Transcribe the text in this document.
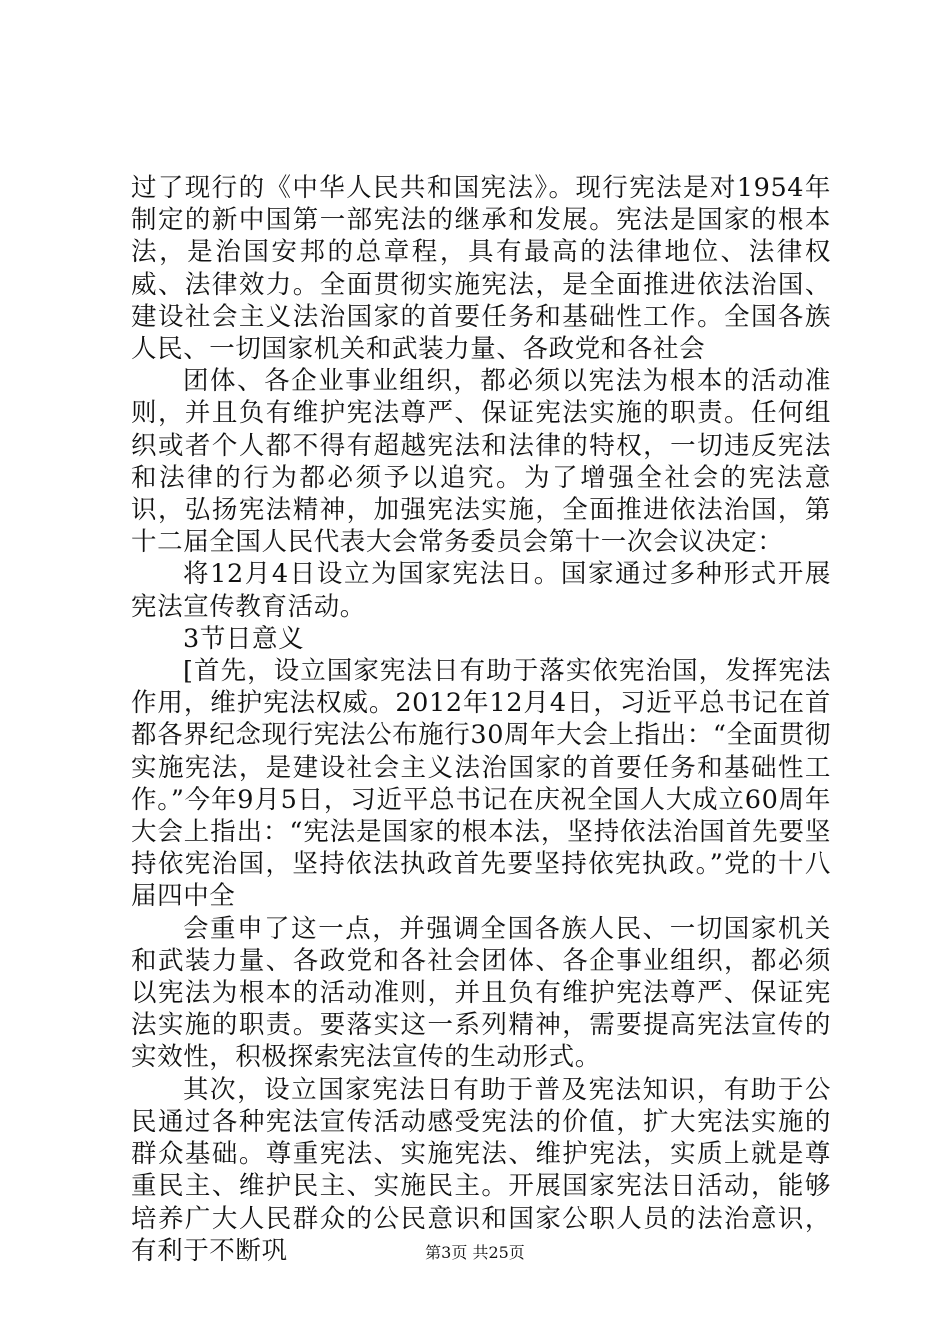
过了现行的《中华人民共和国宪法》。现行宪法是对1954年制定的新中国第一部宪法的继承和发展。宪法是国家的根本法，是治国安邦的总章程，具有最高的法律地位、法律权威、法律效力。全面贯彻实施宪法，是全面推进依法治国、建设社会主义法治国家的首要任务和基础性工作。全国各族人民、一切国家机关和武装力量、各政党和各社会

团体、各企业事业组织，都必须以宪法为根本的活动准则，并且负有维护宪法尊严、保证宪法实施的职责。任何组织或者个人都不得有超越宪法和法律的特权，一切违反宪法和法律的行为都必须予以追究。为了增强全社会的宪法意识，弘扬宪法精神，加强宪法实施，全面推进依法治国，第十二届全国人民代表大会常务委员会第十一次会议决定：

将12月4日设立为国家宪法日。国家通过多种形式开展宪法宣传教育活动。

3节日意义

[首先，设立国家宪法日有助于落实依宪治国，发挥宪法作用，维护宪法权威。2012年12月4日，习近平总书记在首都各界纪念现行宪法公布施行30周年大会上指出：“全面贯彻实施宪法，是建设社会主义法治国家的首要任务和基础性工作。”今年9月5日，习近平总书记在庆祝全国人大成立60周年大会上指出：“宪法是国家的根本法，坚持依法治国首先要坚持依宪治国，坚持依法执政首先要坚持依宪执政。”党的十八届四中全

会重申了这一点，并强调全国各族人民、一切国家机关和武装力量、各政党和各社会团体、各企事业组织，都必须以宪法为根本的活动准则，并且负有维护宪法尊严、保证宪法实施的职责。要落实这一系列精神，需要提高宪法宣传的实效性，积极探索宪法宣传的生动形式。

其次，设立国家宪法日有助于普及宪法知识，有助于公民通过各种宪法宣传活动感受宪法的价值，扩大宪法实施的群众基础。尊重宪法、实施宪法、维护宪法，实质上就是尊重民主、维护民主、实施民主。开展国家宪法日活动，能够培养广大人民群众的公民意识和国家公职人员的法治意识，有利于不断巩	第3页 共25页
